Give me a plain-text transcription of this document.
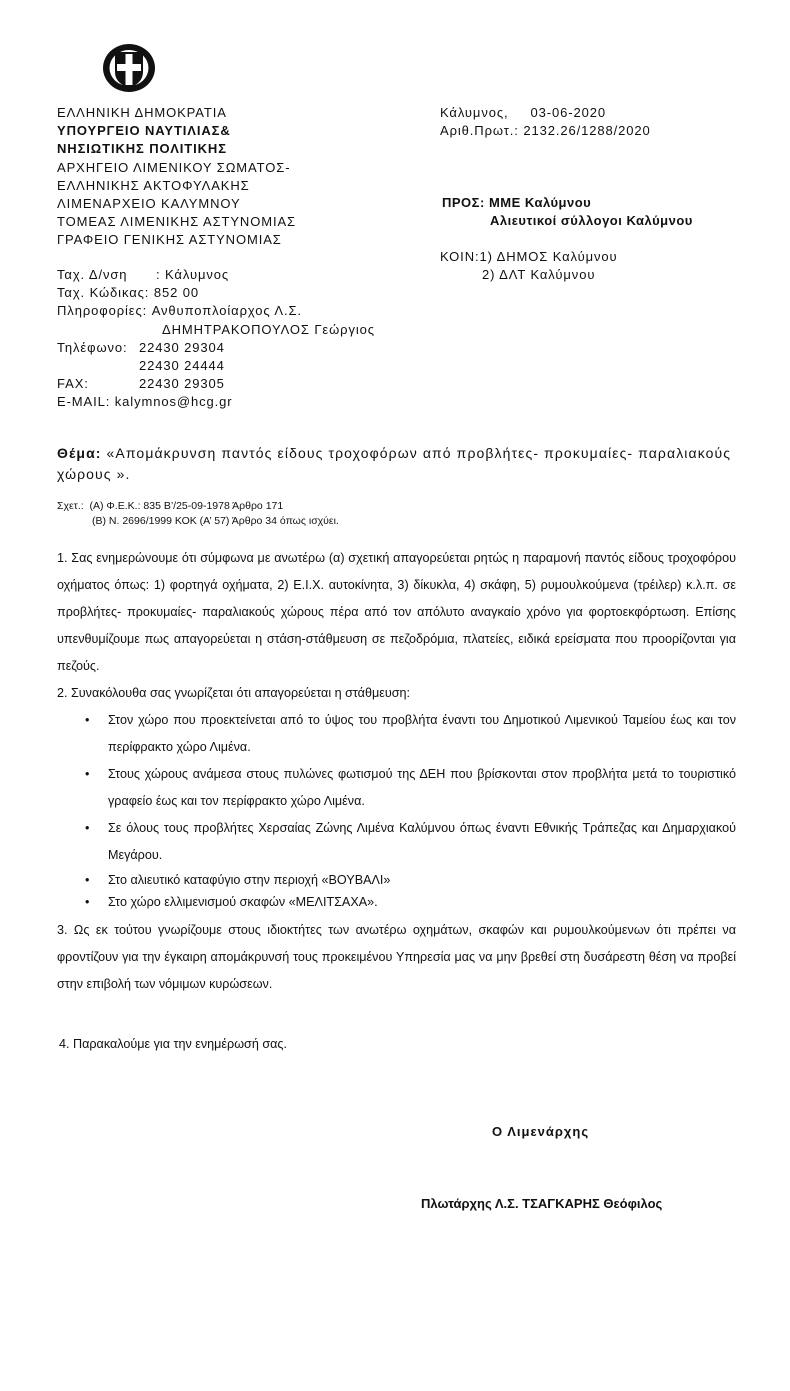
ΕΛΛΗΝΙΚΗ ΔΗΜΟΚΡΑΤΙΑ
ΥΠΟΥΡΓΕΙΟ ΝΑΥΤΙΛΙΑΣ&
ΝΗΣΙΩΤΙΚΗΣ ΠΟΛΙΤΙΚΗΣ
ΑΡΧΗΓΕΙΟ ΛΙΜΕΝΙΚΟΥ ΣΩΜΑΤΟΣ-
ΕΛΛΗΝΙΚΗΣ ΑΚΤΟΦΥΛΑΚΗΣ
ΛΙΜΕΝΑΡΧΕΙΟ ΚΑΛΥΜΝΟΥ
ΤΟΜΕΑΣ ΛΙΜΕΝΙΚΗΣ ΑΣΤΥΝΟΜΙΑΣ
ΓΡΑΦΕΙΟ ΓΕΝΙΚΗΣ ΑΣΤΥΝΟΜΙΑΣ
Ταχ. Δ/νση	: Κάλυμνος
Ταχ. Κώδικας:
852 00
Πληροφορίες:
Ανθυποπλοίαρχος Λ.Σ.
ΔΗΜΗΤΡΑΚΟΠΟΥΛΟΣ Γεώργιος
Τηλέφωνο: 22430 29304
22430 24444
FAX:	22430 29305
E-MAIL:
kalymnos@hcg.gr
Κάλυμνος, 03-06-2020
Αριθ.Πρωτ.: 2132.26/1288/2020
ΠΡΟΣ: ΜΜΕ Καλύμνου
Αλιευτικοί σύλλογοι Καλύμνου
ΚΟΙΝ:1) ΔΗΜΟΣ Καλύμνου
2) ΔΛΤ Καλύμνου
Θέμα: «Απομάκρυνση παντός είδους τροχοφόρων από προβλήτες- προκυμαίες- παραλιακούς χώρους ».
Σχετ.: (Α) Φ.Ε.Κ.: 835 Β’/25-09-1978 Άρθρο 171
(Β) Ν. 2696/1999 ΚΟΚ (Α’ 57) Άρθρο 34 όπως ισχύει.

1. Σας ενημερώνουμε ότι σύμφωνα με ανωτέρω (α) σχετική απαγορεύεται ρητώς η παραμονή παντός είδους τροχοφόρου οχήματος όπως: 1) φορτηγά οχήματα, 2) Ε.Ι.Χ. αυτοκίνητα, 3) δίκυκλα, 4) σκάφη, 5) ρυμουλκούμενα (τρέιλερ) κ.λ.π. σε προβλήτες- προκυμαίες- παραλιακούς χώρους πέρα από τον απόλυτο αναγκαίο χρόνο για φορτοεκφόρτωση. Επίσης υπενθυμίζουμε πως απαγορεύεται η στάση-στάθμευση σε πεζοδρόμια, πλατείες, ειδικά ερείσματα που προορίζονται για πεζούς.

2. Συνακόλουθα σας γνωρίζεται ότι απαγορεύεται η στάθμευση:

• Στον χώρο που προεκτείνεται από το ύψος του προβλήτα έναντι του Δημοτικού Λιμενικού Ταμείου έως και τον περίφρακτο χώρο Λιμένα.
• Στους χώρους ανάμεσα στους πυλώνες φωτισμού της ΔΕΗ που βρίσκονται στον προβλήτα μετά το τουριστικό γραφείο έως και τον περίφρακτο χώρο Λιμένα.
• Σε όλους τους προβλήτες Χερσαίας Ζώνης Λιμένα Καλύμνου όπως έναντι Εθνικής Τράπεζας και Δημαρχιακού Μεγάρου.
• Στο αλιευτικό καταφύγιο στην περιοχή «ΒΟΥΒΑΛΙ»
• Στο χώρο ελλιμενισμού σκαφών «ΜΕΛΙΤΣΑΧΑ».

3. Ως εκ τούτου γνωρίζουμε στους ιδιοκτήτες των ανωτέρω οχημάτων, σκαφών και ρυμουλκούμενων ότι πρέπει να φροντίζουν για την έγκαιρη απομάκρυνσή τους προκειμένου Υπηρεσία μας να μην βρεθεί στη δυσάρεστη θέση να προβεί στην επιβολή των νόμιμων κυρώσεων.

4. Παρακαλούμε για την ενημέρωσή σας.

Ο Λιμενάρχης
Πλωτάρχης Λ.Σ. ΤΣΑΓΚΑΡΗΣ Θεόφιλος
